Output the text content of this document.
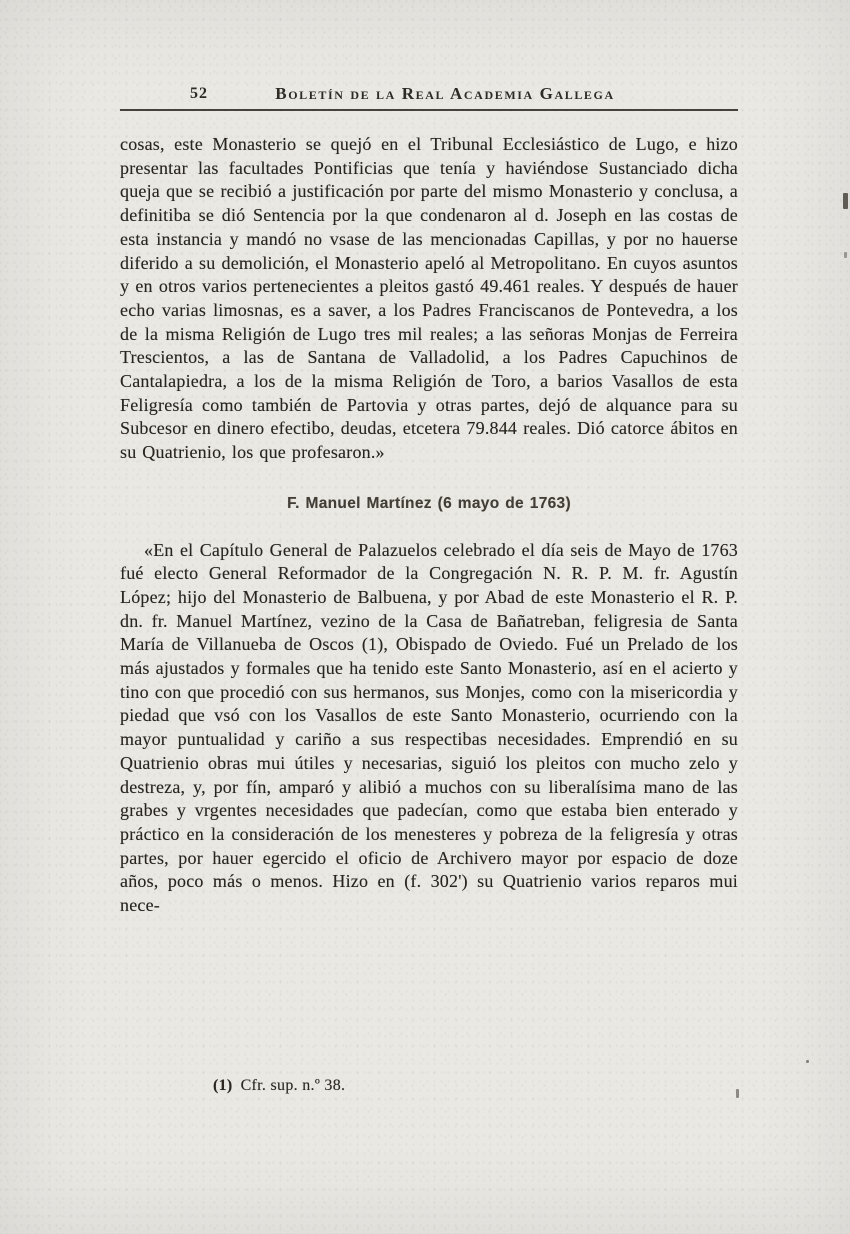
52	Boletín de la Real Academia Gallega

cosas, este Monasterio se quejó en el Tribunal Ecclesiástico de Lugo, e hizo presentar las facultades Pontificias que tenía y haviéndose Sustanciado dicha queja que se recibió a justificación por parte del mismo Monasterio y conclusa, a definitiba se dió Sentencia por la que condenaron al d. Joseph en las costas de esta instancia y mandó no vsase de las mencionadas Capillas, y por no hauerse diferido a su demolición, el Monasterio apeló al Metropolitano. En cuyos asuntos y en otros varios pertenecientes a pleitos gastó 49.461 reales. Y después de hauer echo varias limosnas, es a saver, a los Padres Franciscanos de Pontevedra, a los de la misma Religión de Lugo tres mil reales; a las señoras Monjas de Ferreira Trescientos, a las de Santana de Valladolid, a los Padres Capuchinos de Cantalapiedra, a los de la misma Religión de Toro, a barios Vasallos de esta Feligresía como también de Partovia y otras partes, dejó de alquance para su Subcesor en dinero efectibo, deudas, etcetera 79.844 reales. Dió catorce ábitos en su Quatrienio, los que profesaron.»

F. Manuel Martínez (6 mayo de 1763)

«En el Capítulo General de Palazuelos celebrado el día seis de Mayo de 1763 fué electo General Reformador de la Congregación N. R. P. M. fr. Agustín López; hijo del Monasterio de Balbuena, y por Abad de este Monasterio el R. P. dn. fr. Manuel Martínez, vezino de la Casa de Bañatreban, feligresia de Santa María de Villanueba de Oscos (1), Obispado de Oviedo. Fué un Prelado de los más ajustados y formales que ha tenido este Santo Monasterio, así en el acierto y tino con que procedió con sus hermanos, sus Monjes, como con la misericordia y piedad que vsó con los Vasallos de este Santo Monasterio, ocurriendo con la mayor puntualidad y cariño a sus respectibas necesidades. Emprendió en su Quatrienio obras mui útiles y necesarias, siguió los pleitos con mucho zelo y destreza, y, por fín, amparó y alibió a muchos con su liberalísima mano de las grabes y vrgentes necesidades que padecían, como que estaba bien enterado y práctico en la consideración de los menesteres y pobreza de la feligresía y otras partes, por hauer egercido el oficio de Archivero mayor por espacio de doze años, poco más o menos. Hizo en (f. 302') su Quatrienio varios reparos mui nece-

(1) Cfr. sup. n.º 38.
